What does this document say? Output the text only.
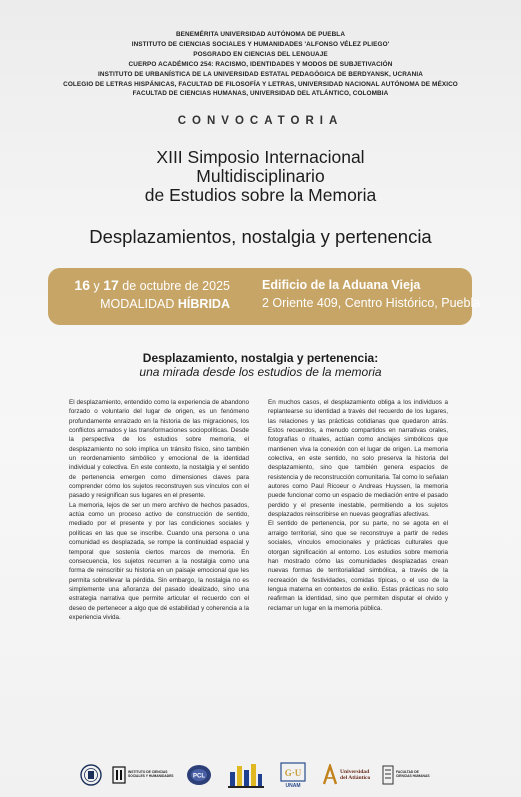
BENEMÉRITA UNIVERSIDAD AUTÓNOMA DE PUEBLA
INSTITUTO DE CIENCIAS SOCIALES Y HUMANIDADES 'ALFONSO VÉLEZ PLIEGO'
POSGRADO EN CIENCIAS DEL LENGUAJE
CUERPO ACADÉMICO 254: RACISMO, IDENTIDADES Y MODOS DE SUBJETIVACIÓN
INSTITUTO DE URBANÍSTICA DE LA UNIVERSIDAD ESTATAL PEDAGÓGICA DE BERDYANSK, UCRANIA
COLEGIO DE LETRAS HISPÁNICAS, FACULTAD DE FILOSOFÍA Y LETRAS, UNIVERSIDAD NACIONAL AUTÓNOMA DE MÉXICO
FACULTAD DE CIENCIAS HUMANAS, UNIVERSIDAD DEL ATLÁNTICO, COLOMBIA
CONVOCATORIA
XIII Simposio Internacional
Multidisciplinario
de Estudios sobre la Memoria
Desplazamientos, nostalgia y pertenencia
16 y 17 de octubre de 2025
MODALIDAD HÍBRIDA
Edificio de la Aduana Vieja
2 Oriente 409, Centro Histórico, Puebla
Desplazamiento, nostalgia y pertenencia:
una mirada desde los estudios de la memoria

El desplazamiento, entendido como la experiencia de abandono forzado o voluntario del lugar de origen, es un fenómeno profundamente enraizado en la historia de las migraciones, los conflictos armados y las transformaciones sociopolíticas. Desde la perspectiva de los estudios sobre memoria, el desplazamiento no solo implica un tránsito físico, sino también un reordenamiento simbólico y emocional de la identidad individual y colectiva. En este contexto, la nostalgia y el sentido de pertenencia emergen como dimensiones claves para comprender cómo los sujetos reconstruyen sus vínculos con el pasado y resignifican sus lugares en el presente.

La memoria, lejos de ser un mero archivo de hechos pasados, actúa como un proceso activo de construcción de sentido, mediado por el presente y por las condiciones sociales y políticas en las que se inscribe. Cuando una persona o una comunidad es desplazada, se rompe la continuidad espacial y temporal que sostenía ciertos marcos de memoria. En consecuencia, los sujetos recurren a la nostalgia como una forma de reinscribir su historia en un paisaje emocional que les permita sobrellevar la pérdida. Sin embargo, la nostalgia no es simplemente una añoranza del pasado idealizado, sino una estrategia narrativa que permite articular el recuerdo con el deseo de pertenecer a algo que dé estabilidad y coherencia a la experiencia vivida.

En muchos casos, el desplazamiento obliga a los individuos a replantearse su identidad a través del recuerdo de los lugares, las relaciones y las prácticas cotidianas que quedaron atrás. Estos recuerdos, a menudo compartidos en narrativas orales, fotografías o rituales, actúan como anclajes simbólicos que mantienen viva la conexión con el lugar de origen. La memoria colectiva, en este sentido, no solo preserva la historia del desplazamiento, sino que también genera espacios de resistencia y de reconstrucción comunitaria. Tal como lo señalan autores como Paul Ricoeur o Andreas Huyssen, la memoria puede funcionar como un espacio de mediación entre el pasado perdido y el presente inestable, permitiendo a los sujetos desplazados reinscribirse en nuevas geografías afectivas.

El sentido de pertenencia, por su parte, no se agota en el arraigo territorial, sino que se reconstruye a partir de redes sociales, vínculos emocionales y prácticas culturales que otorgan significación al entorno. Los estudios sobre memoria han mostrado cómo las comunidades desplazadas crean nuevas formas de territorialidad simbólica, a través de la recreación de festividades, comidas típicas, o el uso de la lengua materna en contextos de exilio. Estas prácticas no solo reafirman la identidad, sino que permiten disputar el olvido y reclamar un lugar en la memoria pública.

INSTITUTO DE CIENCIAS
SOCIALES Y HUMANIDADES	PCL	G·U
UNAM
Universidad
del Atlántico
FACULTAD DE
CIENCIAS HUMANAS
